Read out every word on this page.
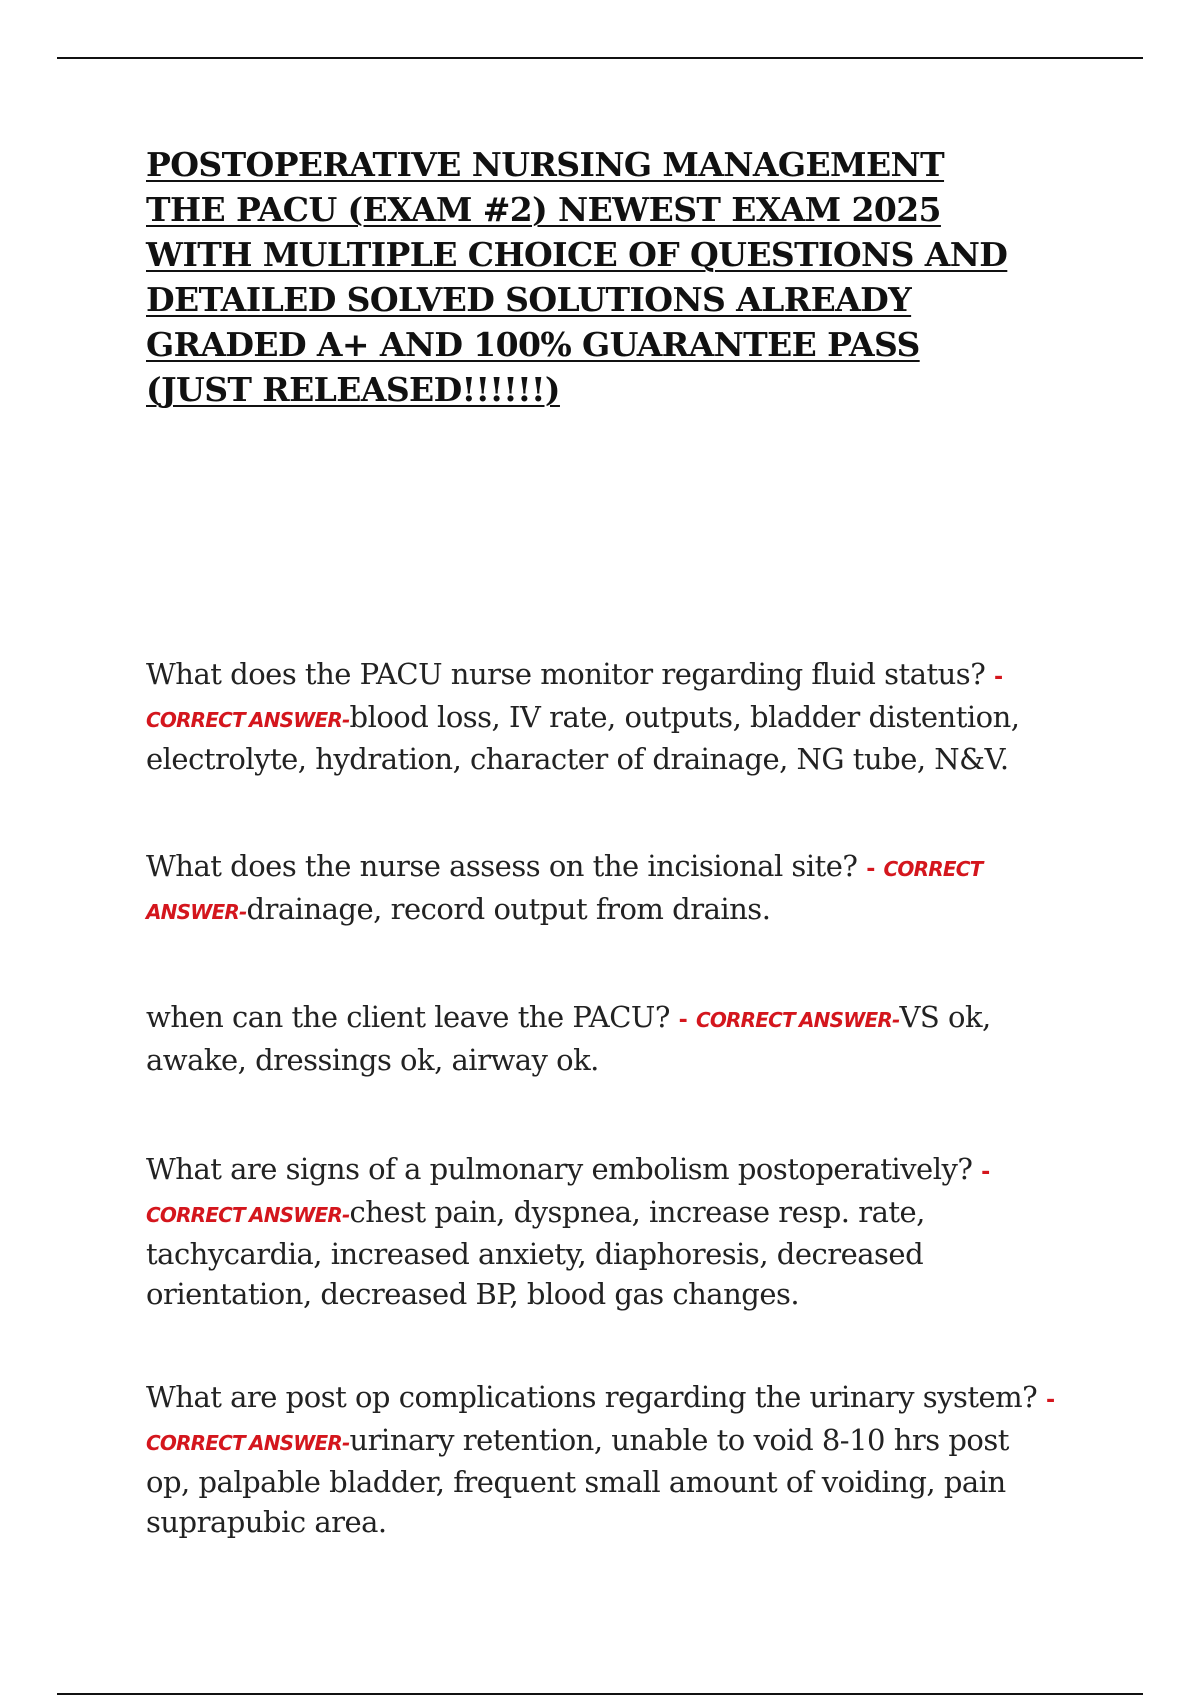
POSTOPERATIVE NURSING MANAGEMENT
THE PACU (EXAM #2) NEWEST EXAM 2025
WITH MULTIPLE CHOICE OF QUESTIONS AND
DETAILED SOLVED SOLUTIONS ALREADY
GRADED A+ AND 100% GUARANTEE PASS
(JUST RELEASED!!!!!!)
What does the PACU nurse monitor regarding fluid status? -
CORRECT ANSWER-blood loss, IV rate, outputs, bladder distention,
electrolyte, hydration, character of drainage, NG tube, N&V.
What does the nurse assess on the incisional site? - CORRECT
ANSWER-drainage, record output from drains.
when can the client leave the PACU? - CORRECT ANSWER-VS ok,
awake, dressings ok, airway ok.
What are signs of a pulmonary embolism postoperatively? -
CORRECT ANSWER-chest pain, dyspnea, increase resp. rate,
tachycardia, increased anxiety, diaphoresis, decreased
orientation, decreased BP, blood gas changes.
What are post op complications regarding the urinary system? -
CORRECT ANSWER-urinary retention, unable to void 8-10 hrs post
op, palpable bladder, frequent small amount of voiding, pain
suprapubic area.
